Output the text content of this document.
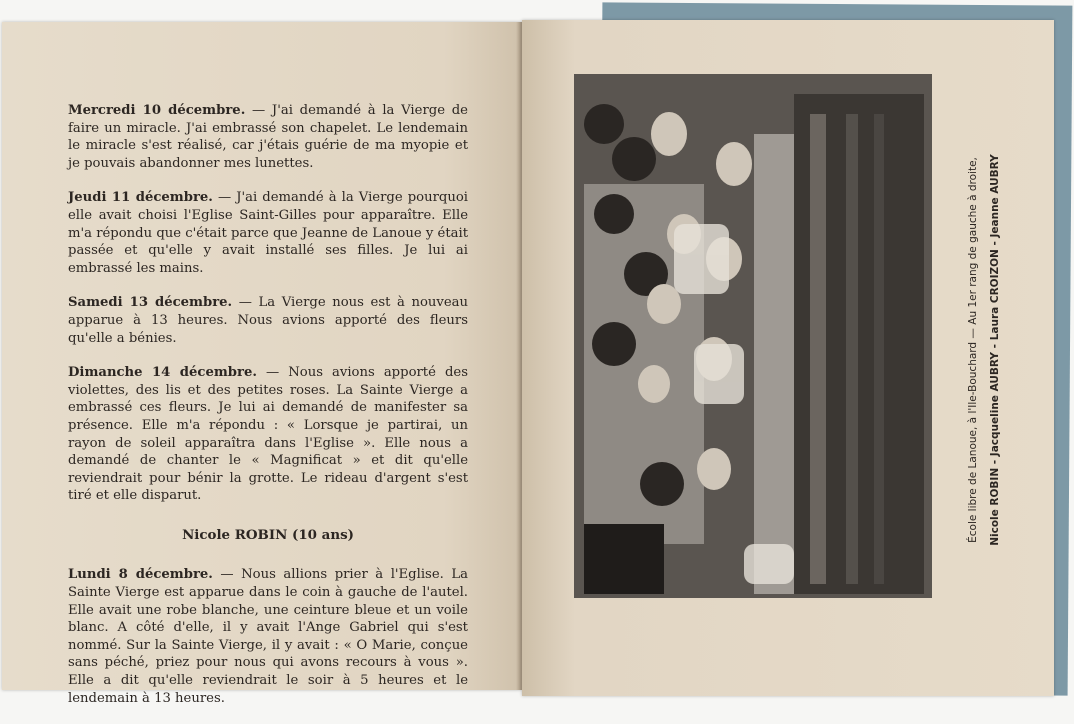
Mercredi 10 décembre. — J'ai demandé à la Vierge de faire un miracle. J'ai embrassé son chapelet. Le lendemain le miracle s'est réalisé, car j'étais guérie de ma myopie et je pouvais abandonner mes lunettes.

Jeudi 11 décembre. — J'ai demandé à la Vierge pourquoi elle avait choisi l'Eglise Saint-Gilles pour apparaître. Elle m'a répondu que c'était parce que Jeanne de Lanoue y était passée et qu'elle y avait installé ses filles. Je lui ai embrassé les mains.

Samedi 13 décembre. — La Vierge nous est à nouveau apparue à 13 heures. Nous avions apporté des fleurs qu'elle a bénies.

Dimanche 14 décembre. — Nous avions apporté des violettes, des lis et des petites roses. La Sainte Vierge a embrassé ces fleurs. Je lui ai demandé de manifester sa présence. Elle m'a répondu : « Lorsque je partirai, un rayon de soleil apparaîtra dans l'Eglise ». Elle nous a demandé de chanter le « Magnificat » et dit qu'elle reviendrait pour bénir la grotte. Le rideau d'argent s'est tiré et elle disparut.

Nicole ROBIN (10 ans)

Lundi 8 décembre. — Nous allions prier à l'Eglise. La Sainte Vierge est apparue dans le coin à gauche de l'autel. Elle avait une robe blanche, une ceinture bleue et un voile blanc. A côté d'elle, il y avait l'Ange Gabriel qui s'est nommé. Sur la Sainte Vierge, il y avait : « O Marie, conçue sans péché, priez pour nous qui avons recours à vous ». Elle a dit qu'elle reviendrait le soir à 5 heures et le lendemain à 13 heures.

École libre de Lanoue, à l'Ile-Bouchard — Au 1er rang de gauche à droite, Nicole ROBIN - Jacqueline AUBRY - Laura CROIZON - Jeanne AUBRY
